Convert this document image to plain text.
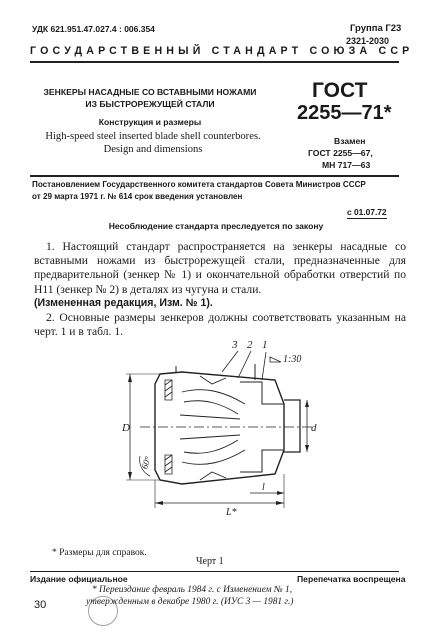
УДК 621.951.47.027.4 : 006.354	Группа Г23
2321-2030
ГОСУДАРСТВЕННЫЙ СТАНДАРТ СОЮЗА ССР
ЗЕНКЕРЫ НАСАДНЫЕ СО ВСТАВНЫМИ НОЖАМИ
ИЗ БЫСТРОРЕЖУЩЕЙ СТАЛИ
Конструкция и размеры
High-speed steel inserted blade shell counterbores.
Design and dimensions
ГОСТ
2255—71*
Взамен
ГОСТ 2255—67,
МН 717—63
Постановлением Государственного комитета стандартов Совета Министров СССР
от 29 марта 1971 г. № 614 срок введения установлен
с 01.07.72
Несоблюдение стандарта преследуется по закону
1. Настоящий стандарт распространяется на зенкеры насадные со вставными ножами из быстрорежущей стали, предназначенные для предварительной (зенкер № 1) и окончательной обработки отверстий по Н11 (зенкер № 2) в деталях из чугуна и стали.
(Измененная редакция, Изм. № 1).
2. Основные размеры зенкеров должны соответствовать указанным на черт. 1 и в табл. 1.
3 2 1
1:30
D	d
L*
l
60°
* Размеры для справок.
Черт 1
Издание официальное	Перепечатка воспрещена
* Переиздание февраль 1984 г. с Изменением № 1,
утвержденным в декабре 1980 г. (ИУС 3 — 1981 г.)
30
